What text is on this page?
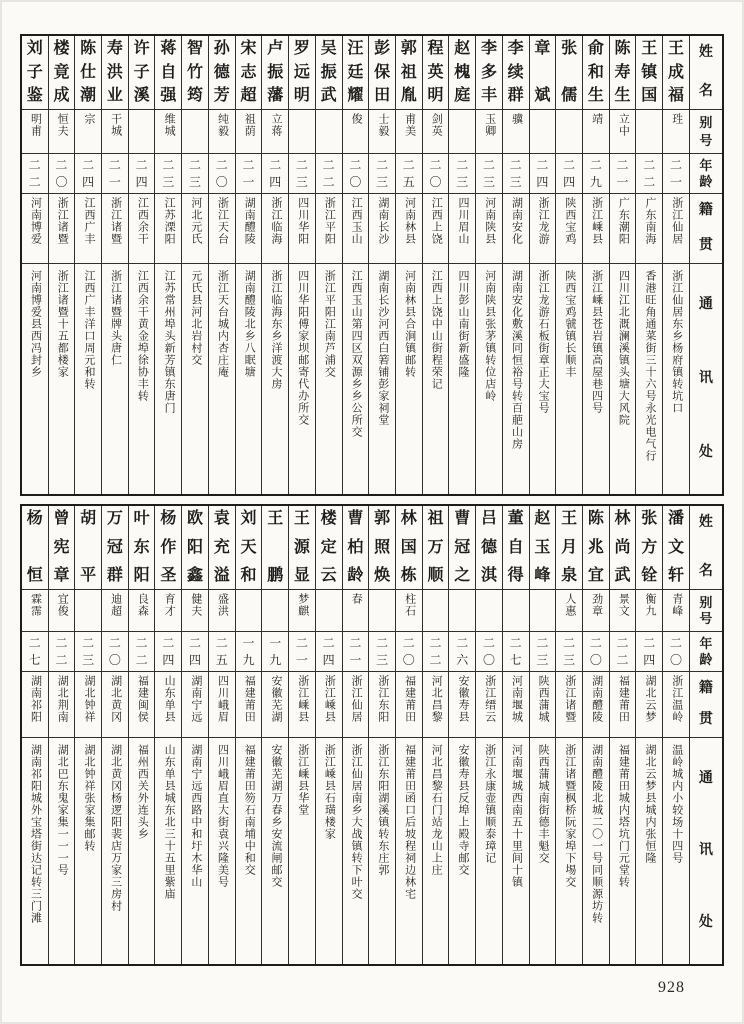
姓
名
别
号
年
龄
籍
贯
通
讯
处
王
成
福
珄
二
一
浙江仙居
浙江仙居东乡杨府镇转坑口
王
镇
国
二
二
广东南海
香港旺角通菜街三十六号永光电气行
陈
寿
生
立中
二
一
广东潮阳
四川江北溉澜溪镇头塘大风院
俞
和
生
靖
二
九
浙江嵊县
浙江嵊县苍岩镇高屋巷四号
张
儒
二
四
陕西宝鸡
陕西宝鸡虢镇长顺丰
章
斌
二
四
浙江龙游
浙江龙游石板街章正大宝号
李
续
群
骥
二
三
湖南安化
湖南安化敷溪同恒裕号转百萉山房
李
多
丰
玉卿
二
三
河南陕县
河南陕县张茅镇转位店岭
赵
槐
庭
二
三
四川眉山
四川彭山南街新盛隆
程
英
明
剑英
二
〇
江西上饶
江西上饶中山街程荣记
郭
祖
胤
甫美
二
五
河南林县
河南林县合涧镇邮转
彭
保
田
士毅
二
三
湖南长沙
湖南长沙河西白箬铺彭家祠堂
汪
廷
耀
俊
二
〇
江西玉山
江西玉山第四区双源乡乡公所交
吴
振
武
二
二
浙江平阳
浙江平阳江南芦浦交
罗
远
明
二
三
四川华阳
四川华阳傅家坝邮寄代办所交
卢
振
藩
立蒋
二
四
浙江临海
浙江临海东乡洋渡大房
宋
志
超
祖荫
二
一
湖南醴陵
湖南醴陵北乡八眠塘
孙
德
芳
纯毅
二
〇
浙江天台
浙江天台城内杏庄庵
智
竹
筠
二
三
河北元氏
元氏县河北岩村交
蒋
自
强
维城
二
三
江苏溧阳
江苏常州埠头新芳镇东唐门
许
子
溪
二
四
江西余干
江西余干黄金埠徐协丰转
寿
洪
业
干城
二
一
浙江诸暨
浙江诸暨牌头唐仁
陈
仕
潮
宗
二
四
江西广丰
江西广丰洋口周元和转
楼
竟
成
恒夫
二
〇
浙江诸暨
浙江诸暨十五都楼家
刘
子
鉴
明甫
二
二
河南博爱
河南博爱县西冯封乡
姓
名
别
号
年
龄
籍
贯
通
讯
处
潘
文
轩
青峰
二
〇
浙江温岭
温岭城内小较场十四号
张
方
铨
衡九
二
四
湖北云梦
湖北云梦县城内张恒隆
林
尚
武
景文
二
二
福建莆田
福建莆田城内塔坑门元堂转
陈
兆
宜
劲章
二
〇
湖南醴陵
湖南醴陵北城二〇一号同顺源坊转
王
月
泉
人惠
二
三
浙江诸暨
浙江诸暨枫桥阮家埠下埸交
赵
玉
峰
二
三
陕西蒲城
陕西蒲城南街德丰魁交
董
自
得
二
七
河南堰城
河南堰城西南五十里间十镇
吕
德
淇
二
〇
浙江缙云
浙江永康壶镇顺泰璋记
曹
冠
之
二
六
安徽寿县
安徽寿县反埠上殿寺邮交
祖
万
顺
二
二
河北昌黎
河北昌黎石门站龙山上庄
林
国
栋
柱石
二
〇
福建莆田
福建莆田函口后坡程祠边林宅
郭
照
焕
二
三
浙江东阳
浙江东阳湖溪镇转东庄郭
曹
柏
龄
春
二
一
浙江仙居
浙江仙居南乡大战镇转下叶交
楼
定
云
二
四
浙江嵊县
浙江嵊县石璜楼家
王
源
显
梦麒
二
一
浙江嵊县
浙江嵊县华堂
王
鹏
一
九
安徽芜湖
安徽芜湖万春乡安流闸邮交
刘
天
和
一
九
福建莆田
福建莆田笏石南埔中和交
袁
充
溢
盛洪
二
五
四川峨眉
四川峨眉直大街袁兴隆美号
欧
阳
鑫
健夫
二
四
湖南宁远
湖南宁远西路中和圩木华山
杨
作
圣
育才
二
四
山东单县
山东单县城东北三十五里紫庙
叶
东
阳
良森
二
二
福建闽侯
福州西关外连头乡
万
冠
群
迪超
二
〇
湖北黄冈
湖北黄冈杨逻阳裴店万家三房村
胡
平
二
三
湖北钟祥
湖北钟祥张家集邮转
曾
宪
章
宜俊
二
二
湖北荆南
湖北巴东鬼家集一一一号
杨
恒
霖霈
二
七
湖南祁阳
湖南祁阳城外宝塔街达记转三门滩
928
